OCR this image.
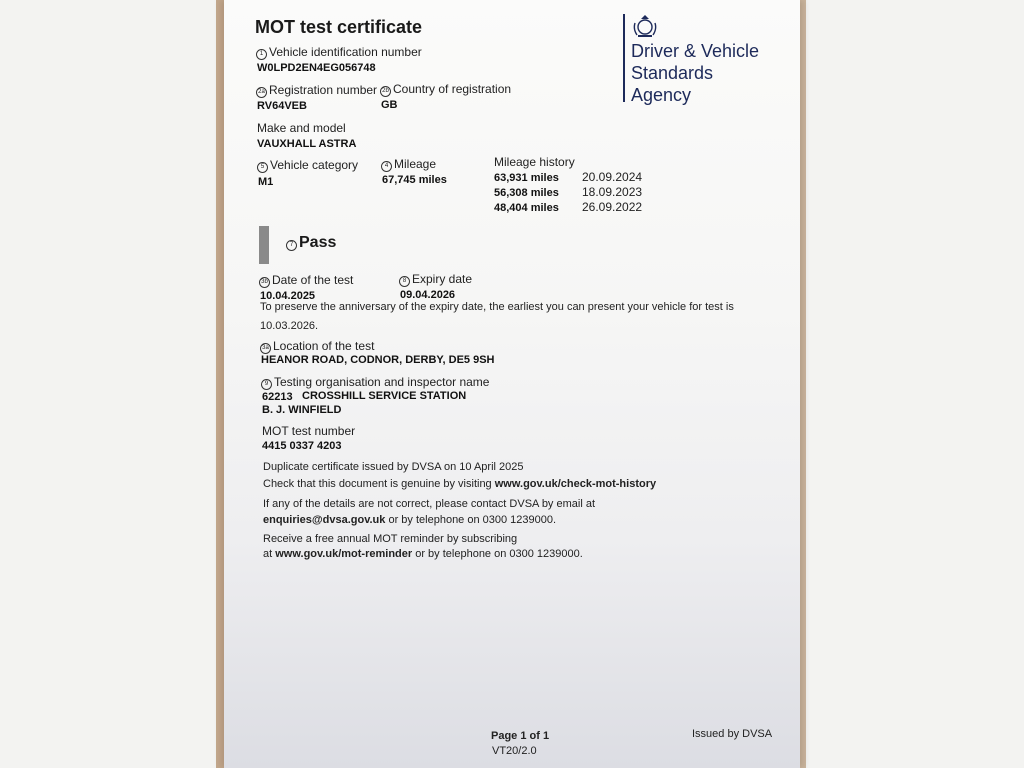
MOT test certificate
Driver & Vehicle
Standards
Agency
1 Vehicle identification number
W0LPD2EN4EG056748
2a Registration number
RV64VEB
2b Country of registration
GB
Make and model
VAUXHALL ASTRA
5 Vehicle category
M1
4 Mileage
67,745 miles
Mileage history
63,931 miles 20.09.2024
56,308 miles 18.09.2023
48,404 miles 26.09.2022
7 Pass
3b Date of the test
10.04.2025
8 Expiry date
09.04.2026
To preserve the anniversary of the expiry date, the earliest you can present your vehicle for test is
10.03.2026.
3a Location of the test
HEANOR ROAD, CODNOR, DERBY, DE5 9SH
9 Testing organisation and inspector name
62213 CROSSHILL SERVICE STATION
B. J. WINFIELD
MOT test number
4415 0337 4203
Duplicate certificate issued by DVSA on 10 April 2025
Check that this document is genuine by visiting www.gov.uk/check-mot-history
If any of the details are not correct, please contact DVSA by email at
enquiries@dvsa.gov.uk or by telephone on 0300 1239000.
Receive a free annual MOT reminder by subscribing
at www.gov.uk/mot-reminder or by telephone on 0300 1239000.
Page 1 of 1
VT20/2.0
Issued by DVSA
